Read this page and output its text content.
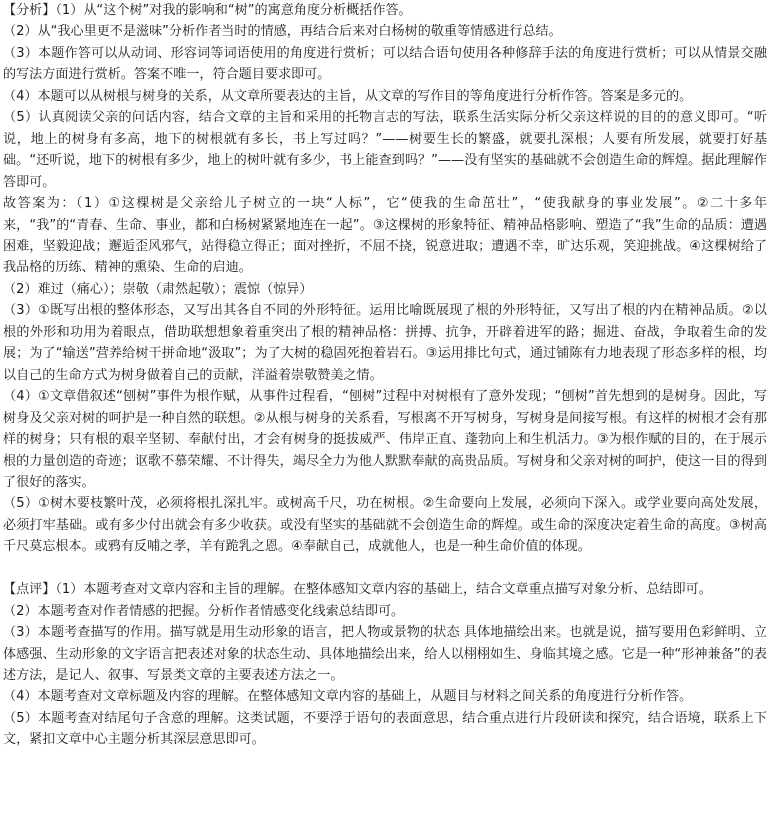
【分析】（1）从“这个树”对我的影响和“树”的寓意角度分析概括作答。

（2）从“我心里更不是滋味”分析作者当时的情感，再结合后来对白杨树的敬重等情感进行总结。

（3）本题作答可以从动词、形容词等词语使用的角度进行赏析；可以结合语句使用各种修辞手法的角度进行赏析；可以从情景交融的写法方面进行赏析。答案不唯一，符合题目要求即可。

（4）本题可以从树根与树身的关系，从文章所要表达的主旨，从文章的写作目的等角度进行分析作答。答案是多元的。

（5）认真阅读父亲的问话内容，结合文章的主旨和采用的托物言志的写法，联系生活实际分析父亲这样说的目的的意义即可。“听说，地上的树身有多高，地下的树根就有多长，书上写过吗？”——树要生长的繁盛，就要扎深根；人要有所发展，就要打好基础。“还听说，地下的树根有多少，地上的树叶就有多少，书上能查到吗？”——没有坚实的基础就不会创造生命的辉煌。据此理解作答即可。

故答案为：（1）①这棵树是父亲给儿子树立的一块“人标”，它“使我的生命茁壮”，“使我献身的事业发展”。②二十多年来，“我”的“青春、生命、事业，都和白杨树紧紧地连在一起”。③这棵树的形象特征、精神品格影响、塑造了“我”生命的品质：遭遇困难，坚毅迎战；邂逅歪风邪气，站得稳立得正；面对挫折，不屈不挠，锐意进取；遭遇不幸，旷达乐观，笑迎挑战。④这棵树给了我品格的历练、精神的熏染、生命的启迪。

（2）难过（痛心）；崇敬（肃然起敬）；震惊（惊异）

（3）①既写出根的整体形态，又写出其各自不同的外形特征。运用比喻既展现了根的外形特征，又写出了根的内在精神品质。②以根的外形和功用为着眼点，借助联想想象着重突出了根的精神品格：拼搏、抗争，开辟着进军的路；掘进、奋战，争取着生命的发展；为了“输送”营养给树干拼命地“汲取”；为了大树的稳固死抱着岩石。③运用排比句式，通过铺陈有力地表现了形态多样的根，均以自己的生命方式为树身做着自己的贡献，洋溢着崇敬赞美之情。

（4）①文章借叙述“刨树”事件为根作赋，从事件过程看，“刨树”过程中对树根有了意外发现；“刨树”首先想到的是树身。因此，写树身及父亲对树的呵护是一种自然的联想。②从根与树身的关系看，写根离不开写树身，写树身是间接写根。有这样的树根才会有那样的树身；只有根的艰辛坚韧、奉献付出，才会有树身的挺拔威严、伟岸正直、蓬勃向上和生机活力。③为根作赋的目的，在于展示根的力量创造的奇迹；讴歌不慕荣耀、不计得失，竭尽全力为他人默默奉献的高贵品质。写树身和父亲对树的呵护，使这一目的得到了很好的落实。

（5）①树木要枝繁叶茂，必须将根扎深扎牢。或树高千尺，功在树根。②生命要向上发展，必须向下深入。或学业要向高处发展，必须打牢基础。或有多少付出就会有多少收获。或没有坚实的基础就不会创造生命的辉煌。或生命的深度决定着生命的高度。③树高千尺莫忘根本。或鸦有反哺之孝，羊有跪乳之恩。④奉献自己，成就他人，也是一种生命价值的体现。

【点评】（1）本题考查对文章内容和主旨的理解。在整体感知文章内容的基础上，结合文章重点描写对象分析、总结即可。

（2）本题考查对作者情感的把握。分析作者情感变化线索总结即可。

（3）本题考查描写的作用。描写就是用生动形象的语言，把人物或景物的状态 具体地描绘出来。也就是说，描写要用色彩鲜明、立体感强、生动形象的文字语言把表述对象的状态生动、具体地描绘出来，给人以栩栩如生、身临其境之感。它是一种“形神兼备”的表述方法，是记人、叙事、写景类文章的主要表述方法之一。

（4）本题考查对文章标题及内容的理解。在整体感知文章内容的基础上，从题目与材料之间关系的角度进行分析作答。

（5）本题考查对结尾句子含意的理解。这类试题，不要浮于语句的表面意思，结合重点进行片段研读和探究，结合语境，联系上下文，紧扣文章中心主题分析其深层意思即可。
